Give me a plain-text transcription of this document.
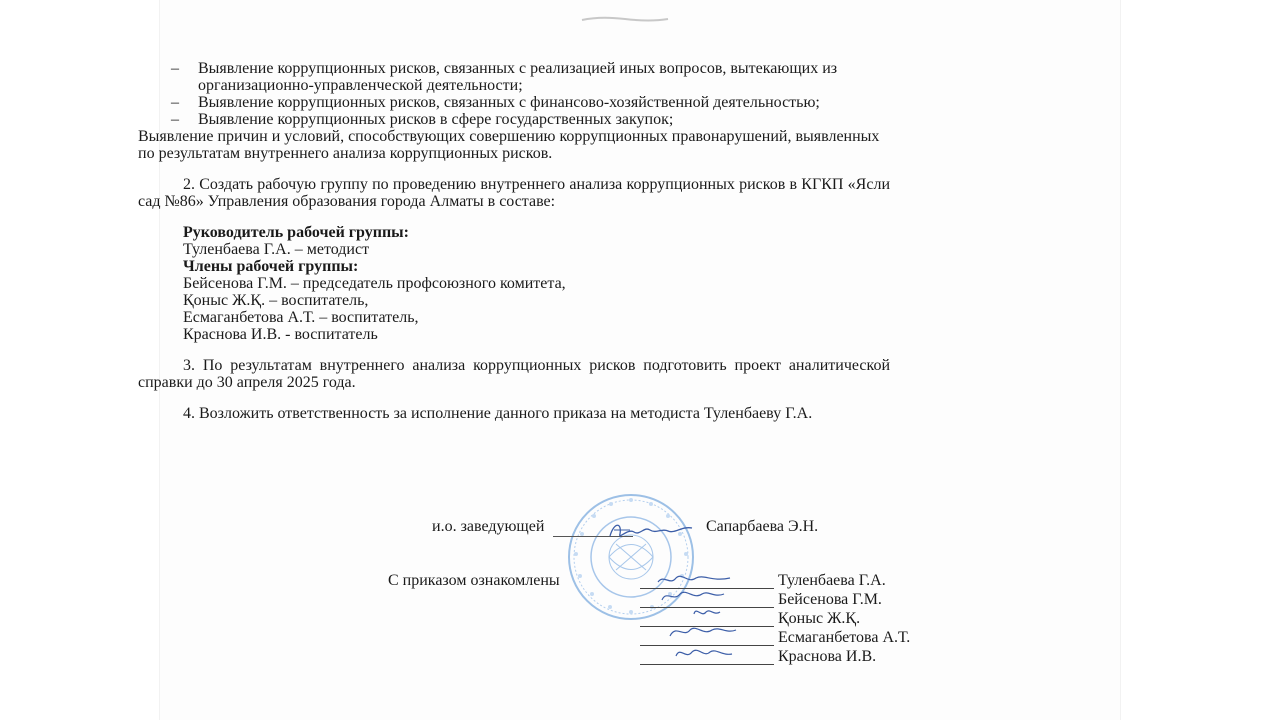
– Выявление коррупционных рисков, связанных с реализацией иных вопросов, вытекающих из организационно-управленческой деятельности;
– Выявление коррупционных рисков, связанных с финансово-хозяйственной деятельностью;
– Выявление коррупционных рисков в сфере государственных закупок;

Выявление причин и условий, способствующих совершению коррупционных правонарушений, выявленных по результатам внутреннего анализа коррупционных рисков.

2. Создать рабочую группу по проведению внутреннего анализа коррупционных рисков в КГКП «Ясли сад №86» Управления образования города Алматы в составе:

Руководитель рабочей группы:
Туленбаева Г.А. – методист
Члены рабочей группы:
Бейсенова Г.М. – председатель профсоюзного комитета,
Қоныс Ж.Қ. – воспитатель,
Есмаганбетова А.Т. – воспитатель,
Краснова И.В. - воспитатель

3. По результатам внутреннего анализа коррупционных рисков подготовить проект аналитической справки до 30 апреля 2025 года.

4. Возложить ответственность за исполнение данного приказа на методиста Туленбаеву Г.А.

и.о. заведующей	Сапарбаева Э.Н.
С приказом ознакомлены	Туленбаева Г.А.
Бейсенова Г.М.
Қоныс Ж.Қ.
Есмаганбетова А.Т.
Краснова И.В.
